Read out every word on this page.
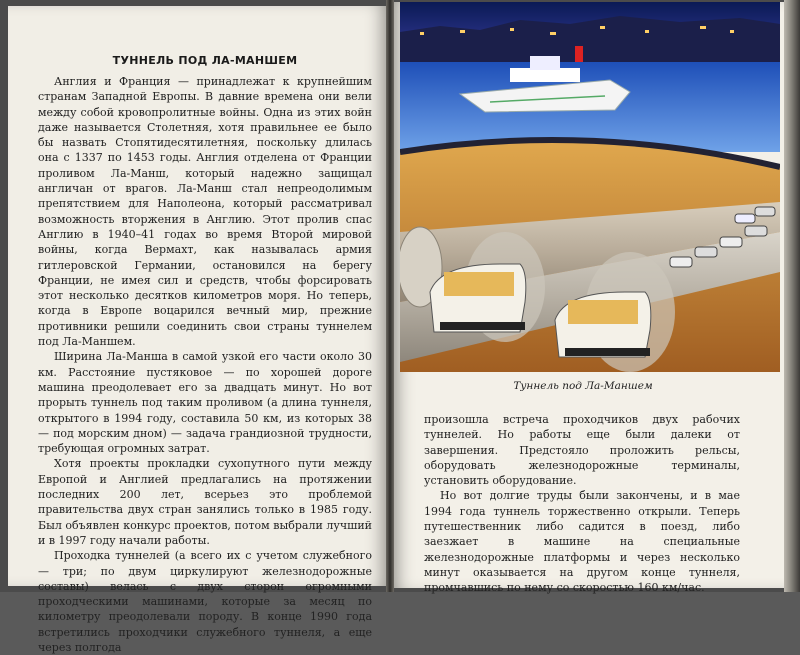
ТУННЕЛЬ ПОД ЛА-МАНШЕМ

Англия и Франция — принадлежат к крупнейшим странам Западной Европы. В давние времена они вели между собой кровопролитные войны. Одна из этих войн даже называется Столетняя, хотя правильнее ее было бы назвать Стопятидесятилетняя, поскольку длилась она с 1337 по 1453 годы. Англия отделена от Франции проливом Ла-Манш, который надежно защищал англичан от врагов. Ла-Манш стал непреодолимым препятствием для Наполеона, который рассматривал возможность вторжения в Англию. Этот пролив спас Англию в 1940–41 годах во время Второй мировой войны, когда Вермахт, как называлась армия гитлеровской Германии, остановился на берегу Франции, не имея сил и средств, чтобы форсировать этот несколько десятков километров моря. Но теперь, когда в Европе воцарился вечный мир, прежние противники решили соединить свои страны туннелем под Ла-Маншем.

Ширина Ла-Манша в самой узкой его части около 30 км. Расстояние пустяковое — по хорошей дороге машина преодолевает его за двадцать минут. Но вот прорыть туннель под таким проливом (а длина туннеля, открытого в 1994 году, составила 50 км, из которых 38 — под морским дном) — задача грандиозной трудности, требующая огромных затрат.

Хотя проекты прокладки сухопутного пути между Европой и Англией предлагались на протяжении последних 200 лет, всерьез это проблемой правительства двух стран занялись только в 1985 году. Был объявлен конкурс проектов, потом выбрали лучший и в 1997 году начали работы.

Проходка туннелей (а всего их с учетом служебного — три; по двум циркулируют железнодорожные составы) велась с двух сторон огромными проходческими машинами, которые за месяц по километру преодолевали породу. В конце 1990 года встретились проходчики служебного туннеля, а еще через полгода

Туннель под Ла-Маншем

произошла встреча проходчиков двух рабочих туннелей. Но работы еще были далеки от завершения. Предстояло проложить рельсы, оборудовать железнодорожные терминалы, установить оборудование.

Но вот долгие труды были закончены, и в мае 1994 года туннель торжественно открыли. Теперь путешественник либо садится в поезд, либо заезжает в машине на специальные железнодорожные платформы и через несколько минут оказывается на другом конце туннеля, промчавшись по нему со скоростью 160 км/час.
